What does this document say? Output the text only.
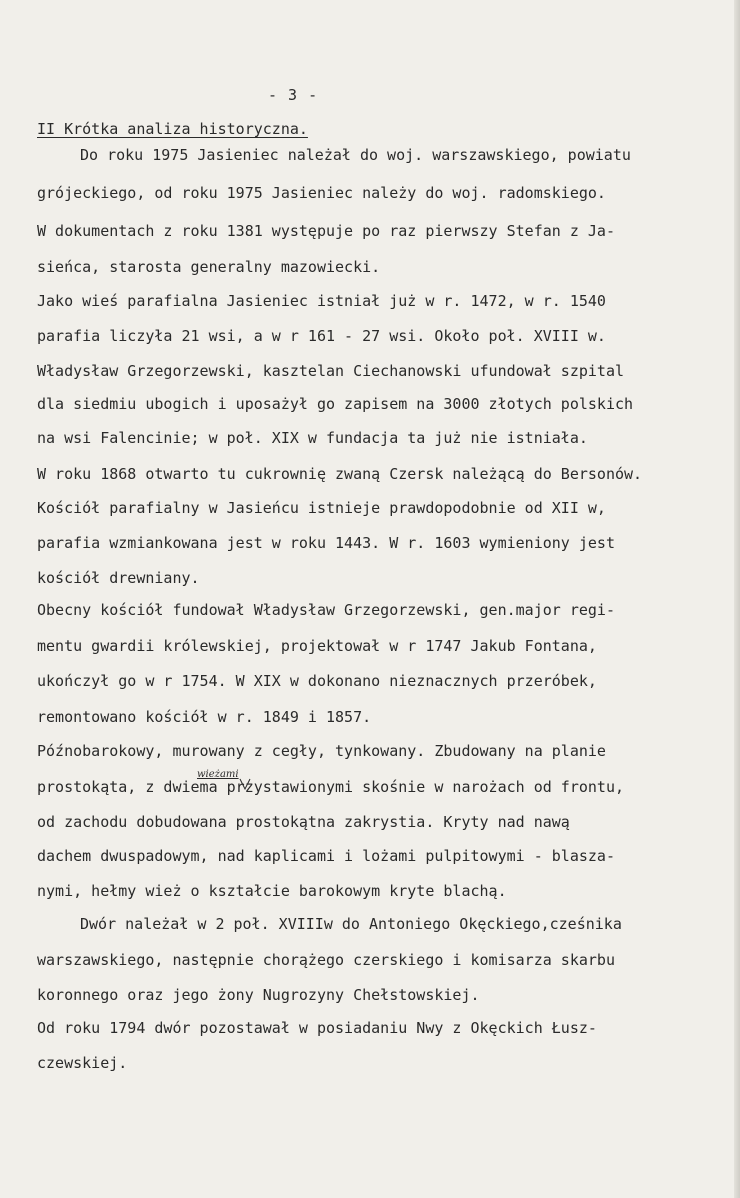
- 3 -
II Krótka analiza historyczna.
Do roku 1975 Jasieniec należał do woj. warszawskiego, powiatu
grójeckiego, od roku 1975 Jasieniec należy do woj. radomskiego.
W dokumentach z roku 1381 występuje po raz pierwszy Stefan z Ja-
sieńca, starosta generalny mazowiecki.
Jako wieś parafialna Jasieniec istniał już w r. 1472, w r. 1540
parafia liczyła 21 wsi, a w r 161 - 27 wsi. Około poł. XVIII w.
Władysław Grzegorzewski, kasztelan Ciechanowski ufundował szpital
dla siedmiu ubogich i uposażył go zapisem na 3000 złotych polskich
na wsi Falencinie; w poł. XIX w fundacja ta już nie istniała.
W roku 1868 otwarto tu cukrownię zwaną Czersk należącą do Bersonów.
Kościół parafialny w Jasieńcu istnieje prawdopodobnie od XII w,
parafia wzmiankowana jest w roku 1443. W r. 1603 wymieniony jest
kościół drewniany.
Obecny kościół fundował Władysław Grzegorzewski, gen.major regi-
mentu gwardii królewskiej, projektował w r 1747 Jakub Fontana,
ukończył go w r 1754. W XIX w dokonano nieznacznych przeróbek,
remontowano kościół w r. 1849 i 1857.
Późnobarokowy, murowany z cegły, tynkowany. Zbudowany na planie
wieżami
prostokąta, z dwiema przystawionymi skośnie w narożach od frontu,
od zachodu dobudowana prostokątna zakrystia. Kryty nad nawą
dachem dwuspadowym, nad kaplicami i lożami pulpitowymi - blasza-
nymi, hełmy wież o kształcie barokowym kryte blachą.
Dwór należał w 2 poł. XVIIIw do Antoniego Okęckiego,cześnika
warszawskiego, następnie chorążego czerskiego i komisarza skarbu
koronnego oraz jego żony Nugrozyny Chełstowskiej.
Od roku 1794 dwór pozostawał w posiadaniu Nwy z Okęckich Łusz-
czewskiej.
